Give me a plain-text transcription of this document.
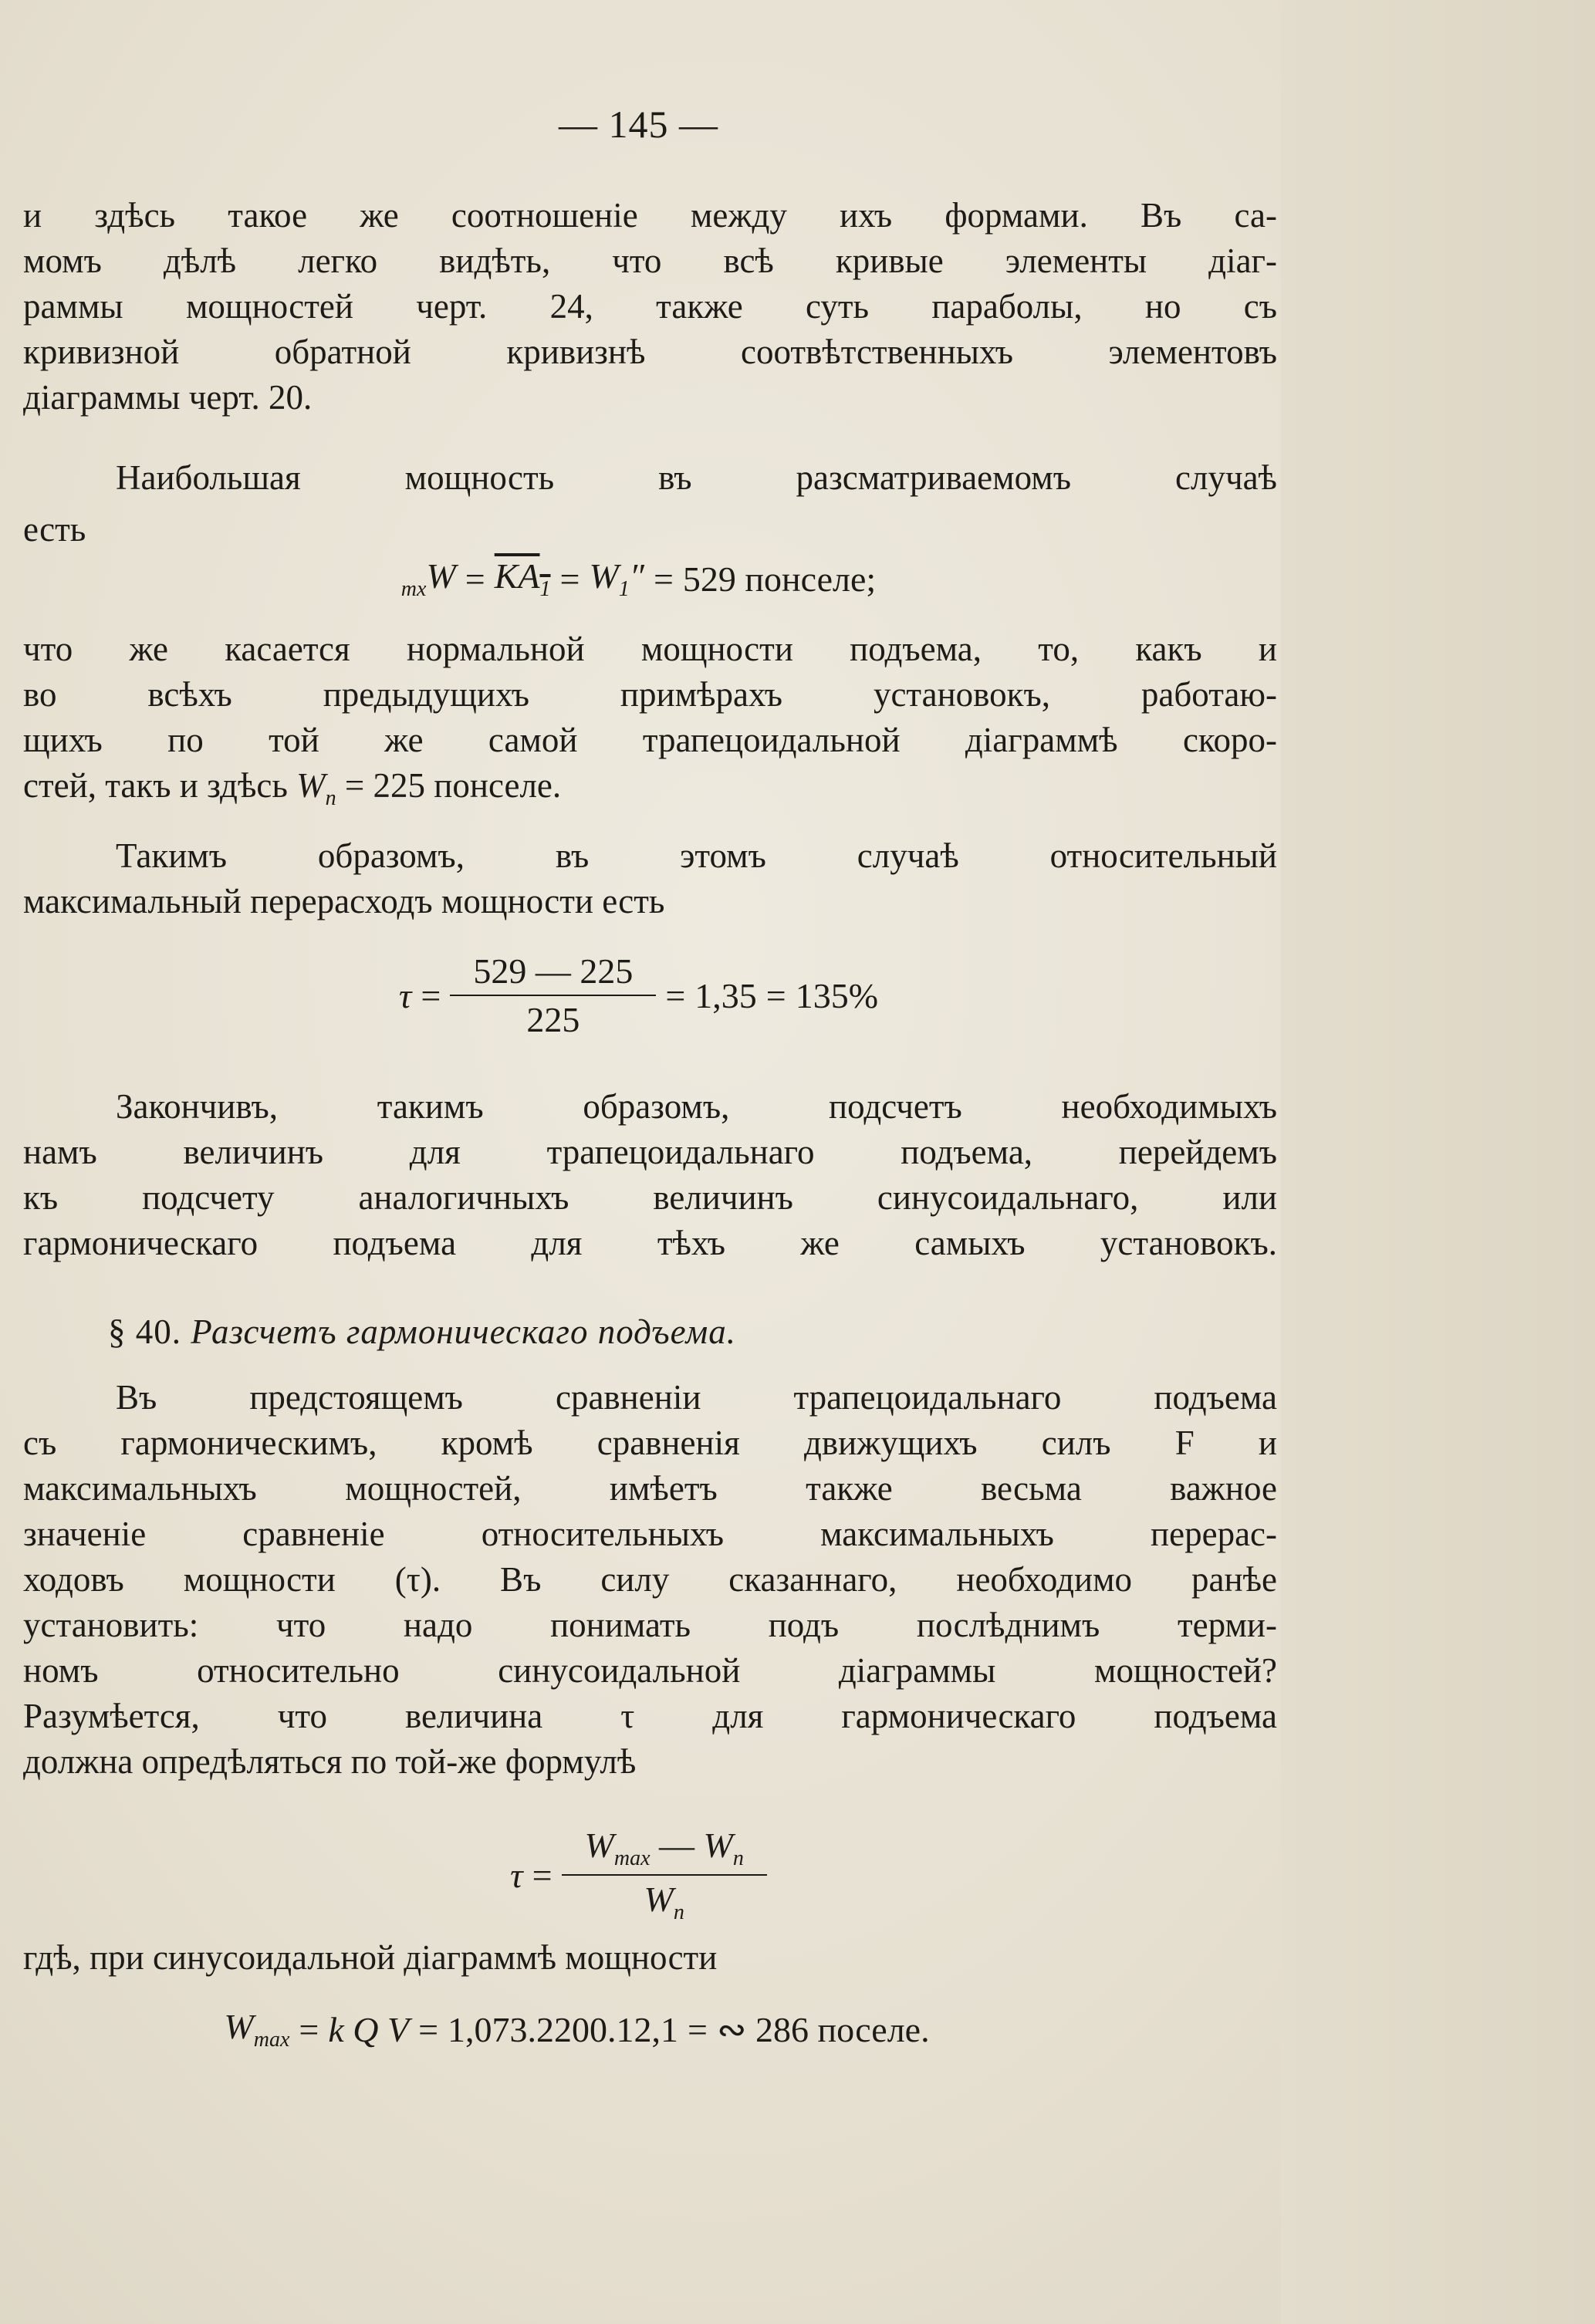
— 145 —
и здѣсь такое же соотношеніе между ихъ формами. Въ са-
момъ дѣлѣ легко видѣть, что всѣ кривые элементы діаг-
раммы мощностей черт. 24, также суть параболы, но съ
кривизной обратной кривизнѣ соотвѣтственныхъ элементовъ
діаграммы черт. 20.
Наибольшая мощность въ разсматриваемомъ случаѣ
есть
$_{mx}W = KA_1 = W_1'' = 529$ понселе;
что же касается нормальной мощности подъема, то, какъ и
во всѣхъ предыдущихъ примѣрахъ установокъ, работаю-
щихъ по той же самой трапецоидальной діаграммѣ скоро-
стей, такъ и здѣсь $W_n = 225$ понселе.
Такимъ образомъ, въ этомъ случаѣ относительный
максимальный перерасходъ мощности есть
$\tau = \frac{529 — 225}{225} = 1,35 = 135\%$
Закончивъ, такимъ образомъ, подсчетъ необходимыхъ
намъ величинъ для трапецоидальнаго подъема, перейдемъ
къ подсчету аналогичныхъ величинъ синусоидальнаго, или
гармоническаго подъема для тѣхъ же самыхъ установокъ.
§ 40. Разсчетъ гармоническаго подъема.
Въ предстоящемъ сравненіи трапецоидальнаго подъема
съ гармоническимъ, кромѣ сравненія движущихъ силъ F и
максимальныхъ мощностей, имѣетъ также весьма важное
значеніе сравненіе относительныхъ максимальныхъ перерас-
ходовъ мощности (τ). Въ силу сказаннаго, необходимо ранѣе
установить: что надо понимать подъ послѣднимъ терми-
номъ относительно синусоидальной діаграммы мощностей?
Разумѣется, что величина τ для гармоническаго подъема
должна опредѣляться по той-же формулѣ
$\tau = \frac{W_{max} — W_n}{W_n}$
гдѣ, при синусоидальной діаграммѣ мощности
$W_{max} = k$ Q V = 1,073.2200.12,1 = ∾ 286 поселе.
